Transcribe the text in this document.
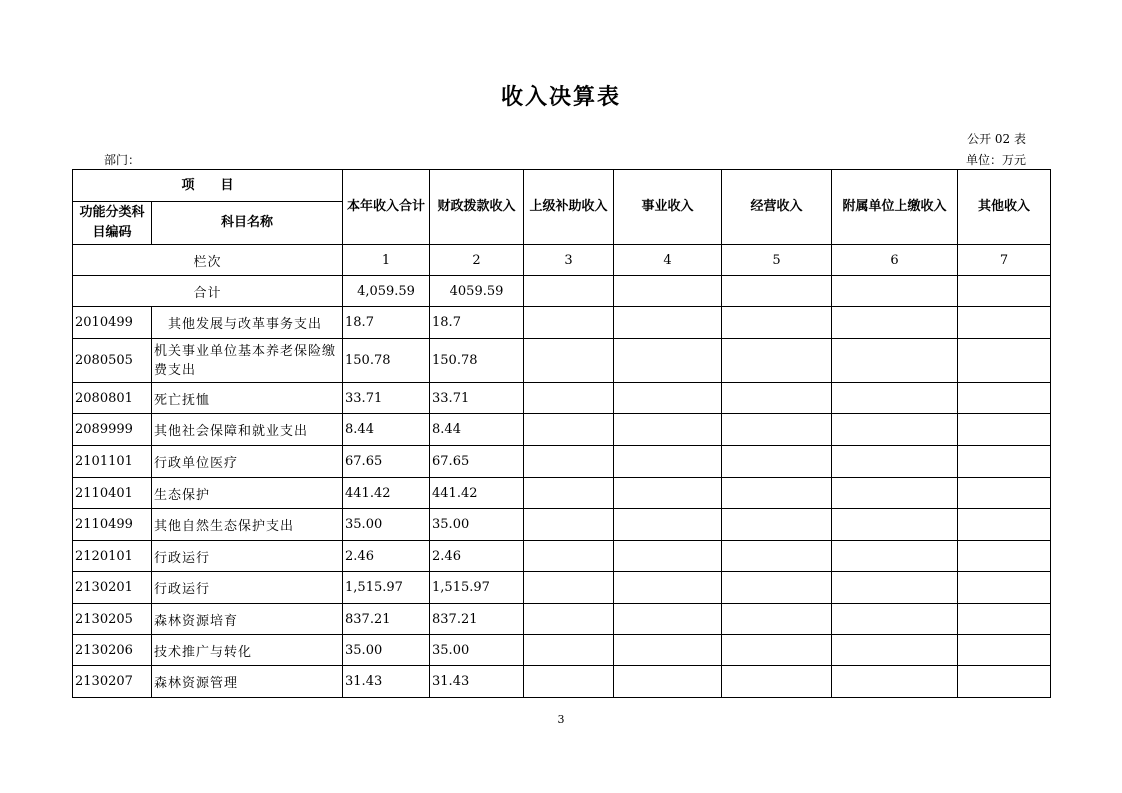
收入决算表
公开 02 表
部门：	单位：万元
项　　目		本年收入合计	财政拨款收入	上级补助收入	事业收入	经营收入	附属单位上缴收入	其他收入
功能分类科目编码	科目名称							
栏次		1	2	3	4	5	6	7
合计		4,059.59	4059.59					
2010499	其他发展与改革事务支出	18.7	18.7					
2080505	机关事业单位基本养老保险缴费支出	150.78	150.78					
2080801	死亡抚恤	33.71	33.71					
2089999	其他社会保障和就业支出	8.44	8.44					
2101101	行政单位医疗	67.65	67.65					
2110401	生态保护	441.42	441.42					
2110499	其他自然生态保护支出	35.00	35.00					
2120101	行政运行	2.46	2.46					
2130201	行政运行	1,515.97	1,515.97					
2130205	森林资源培育	837.21	837.21					
2130206	技术推广与转化	35.00	35.00					
2130207	森林资源管理	31.43	31.43					
3
